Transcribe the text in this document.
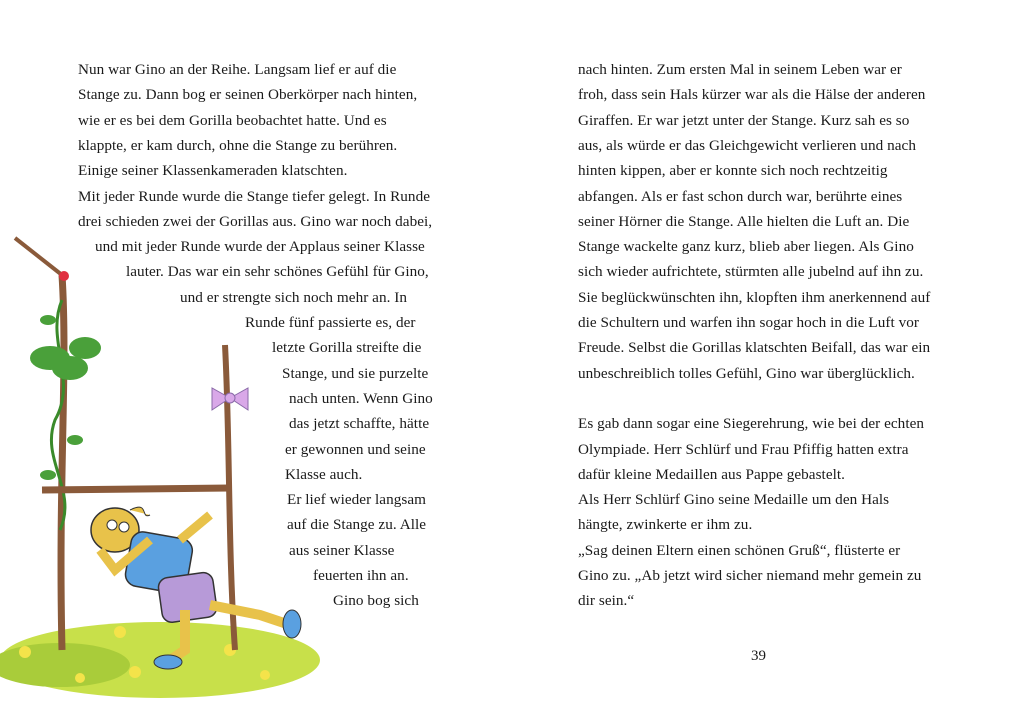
Nun war Gino an der Reihe. Langsam lief er auf die
Stange zu. Dann bog er seinen Oberkörper nach hinten,
wie er es bei dem Gorilla beobachtet hatte. Und es
klappte, er kam durch, ohne die Stange zu berühren.
Einige seiner Klassenkameraden klatschten.
Mit jeder Runde wurde die Stange tiefer gelegt. In Runde
drei schieden zwei der Gorillas aus. Gino war noch dabei,
und mit jeder Runde wurde der Applaus seiner Klasse
lauter. Das war ein sehr schönes Gefühl für Gino,
und er strengte sich noch mehr an. In
Runde fünf passierte es, der
letzte Gorilla streifte die
Stange, und sie purzelte
nach unten. Wenn Gino
das jetzt schaffte, hätte
er gewonnen und seine
Klasse auch.
Er lief wieder langsam
auf die Stange zu. Alle
aus seiner Klasse
feuerten ihn an.
Gino bog sich
nach hinten. Zum ersten Mal in seinem Leben war er
froh, dass sein Hals kürzer war als die Hälse der anderen
Giraffen. Er war jetzt unter der Stange. Kurz sah es so
aus, als würde er das Gleichgewicht verlieren und nach
hinten kippen, aber er konnte sich noch rechtzeitig
abfangen. Als er fast schon durch war, berührte eines
seiner Hörner die Stange. Alle hielten die Luft an. Die
Stange wackelte ganz kurz, blieb aber liegen. Als Gino
sich wieder aufrichtete, stürmten alle jubelnd auf ihn zu.
Sie beglückwünschten ihn, klopften ihm anerkennend auf
die Schultern und warfen ihn sogar hoch in die Luft vor
Freude. Selbst die Gorillas klatschten Beifall, das war ein
unbeschreiblich tolles Gefühl, Gino war überglücklich.
Es gab dann sogar eine Siegerehrung, wie bei der echten
Olympiade. Herr Schlürf und Frau Pfiffig hatten extra
dafür kleine Medaillen aus Pappe gebastelt.
Als Herr Schlürf Gino seine Medaille um den Hals
hängte, zwinkerte er ihm zu.
„Sag deinen Eltern einen schönen Gruß“, flüsterte er
Gino zu. „Ab jetzt wird sicher niemand mehr gemein zu
dir sein.“
39
